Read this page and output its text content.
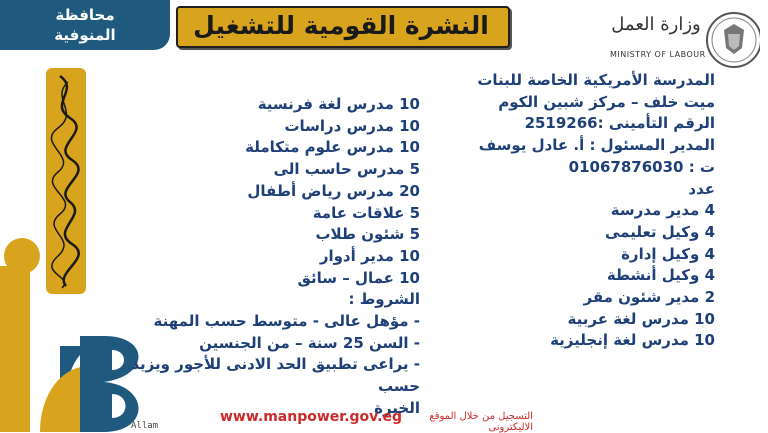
محافظة
المنوفية	النشرة القومية للتشغيل	وزارة العمل
MINISTRY OF LABOUR
المدرسة الأمريكية الخاصة للبنات
ميت خلف – مركز شبين الكوم
الرقم التأمينى :2519266
المدير المسئول : أ. عادل يوسف
ت : 01067876030
عدد
4 مدير مدرسة
4 وكيل تعليمى
4 وكيل إدارة
4 وكيل أنشطة
2 مدير شئون مقر
10 مدرس لغة عربية
10 مدرس لغة إنجليزية
10 مدرس لغة فرنسية
10 مدرس دراسات
10 مدرس علوم متكاملة
5 مدرس حاسب الى
20 مدرس رياض أطفال
5 علاقات عامة
5 شئون طلاب
10 مدير أدوار
10 عمال – سائق
الشروط :
- مؤهل عالى - متوسط حسب المهنة
- السن 25 سنة – من الجنسين
- يراعى تطبيق الحد الادنى للأجور ويزيد حسب
الخبرة
www.manpower.gov.eg	التسجيل من خلال الموقع الاليكترونى
Allam
